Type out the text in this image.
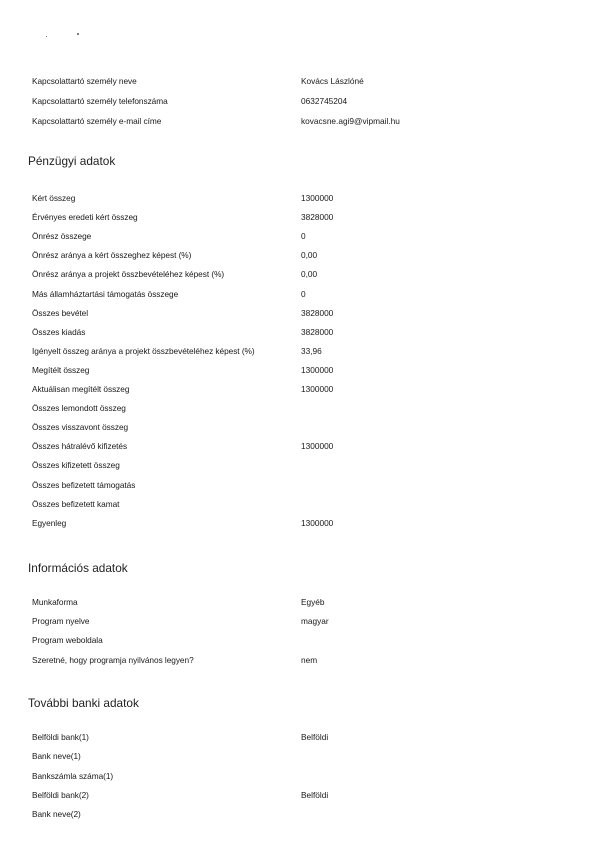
Kapcsolattartó személy neve	Kovács Lászlóné
Kapcsolattartó személy telefonszáma	0632745204
Kapcsolattartó személy e-mail címe	kovacsne.agi9@vipmail.hu
Pénzügyi adatok
Kért összeg	1300000
Érvényes eredeti kért összeg	3828000
Önrész összege	0
Önrész aránya a kért összeghez képest (%)	0,00
Önrész aránya a projekt összbevételéhez képest (%)	0,00
Más államháztartási támogatás összege	0
Összes bevétel	3828000
Összes kiadás	3828000
Igényelt összeg aránya a projekt összbevételéhez képest (%)	33,96
Megítélt összeg	1300000
Aktuálisan megítélt összeg	1300000
Összes lemondott összeg
Összes visszavont összeg
Összes hátralévő kifizetés	1300000
Összes kifizetett összeg
Összes befizetett támogatás
Összes befizetett kamat
Egyenleg	1300000
Információs adatok
Munkaforma	Egyéb
Program nyelve	magyar
Program weboldala
Szeretné, hogy programja nyilvános legyen?	nem
További banki adatok
Belföldi bank(1)	Belföldi
Bank neve(1)
Bankszámla száma(1)
Belföldi bank(2)	Belföldi
Bank neve(2)
